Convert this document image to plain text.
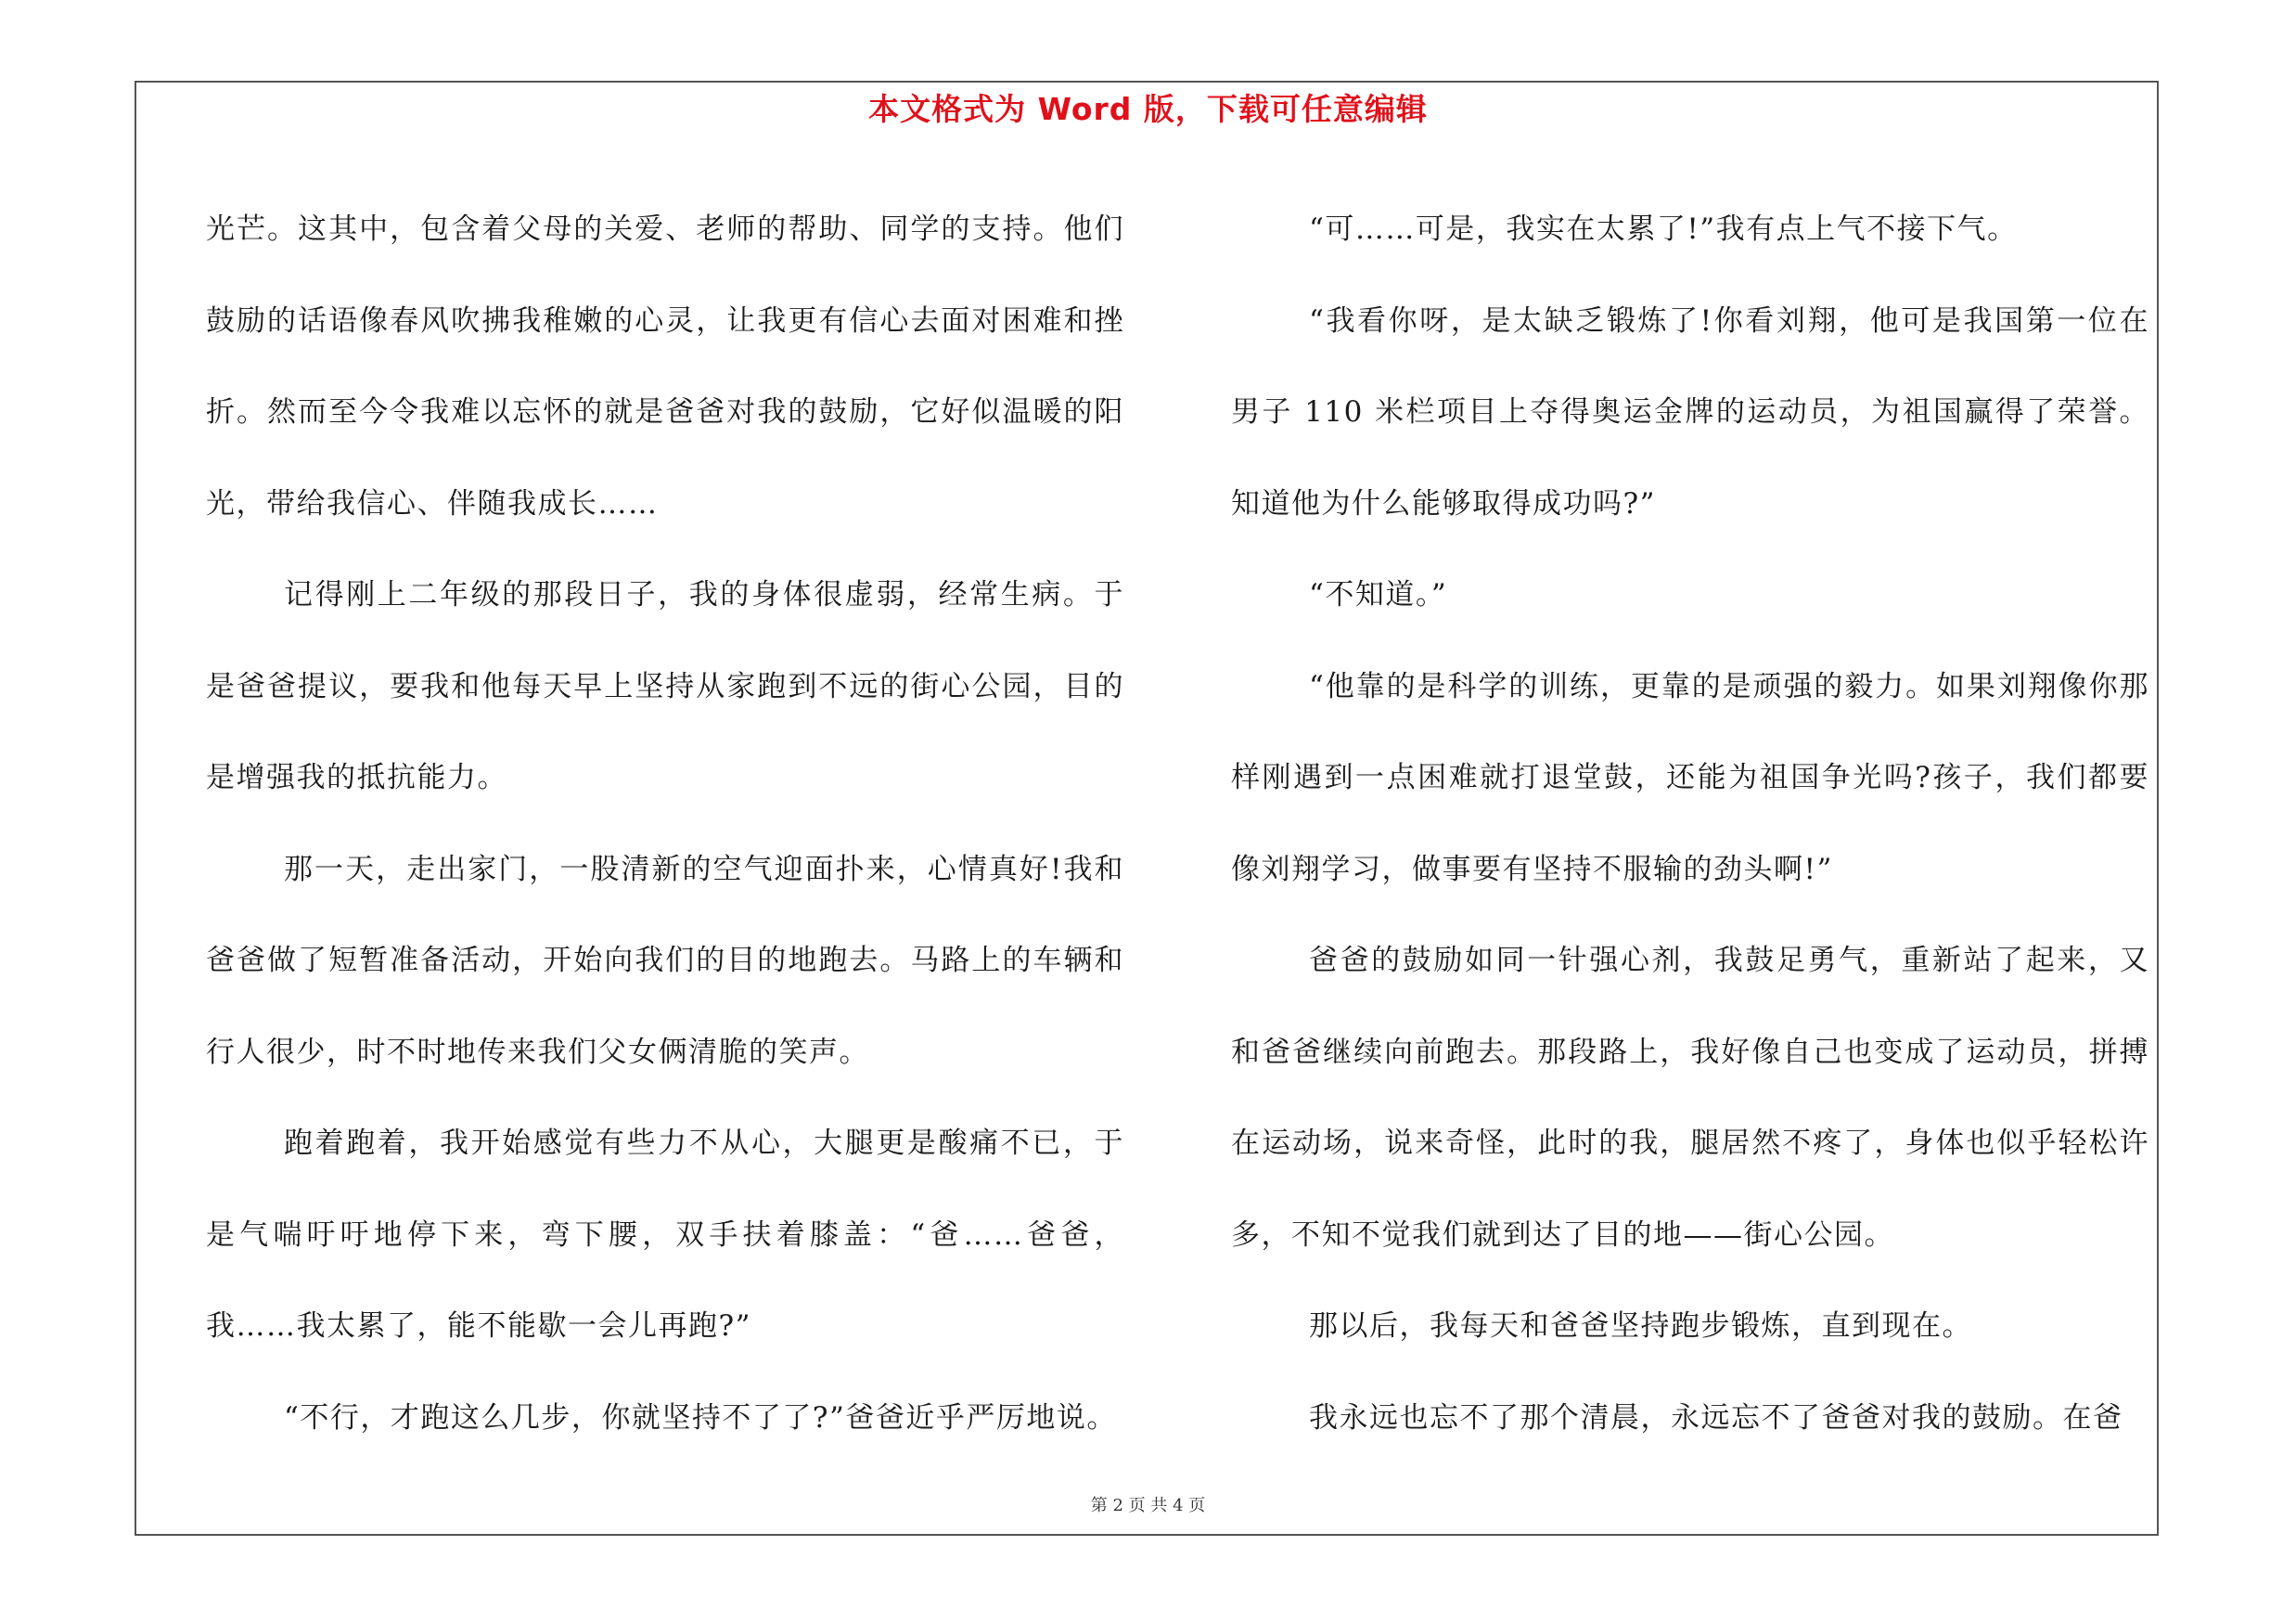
本文格式为 Word 版，下载可任意编辑

光芒。这其中，包含着父母的关爱、老师的帮助、同学的支持。他们鼓励的话语像春风吹拂我稚嫩的心灵，让我更有信心去面对困难和挫折。然而至今令我难以忘怀的就是爸爸对我的鼓励，它好似温暖的阳光，带给我信心、伴随我成长……

记得刚上二年级的那段日子，我的身体很虚弱，经常生病。于是爸爸提议，要我和他每天早上坚持从家跑到不远的街心公园，目的是增强我的抵抗能力。

那一天，走出家门，一股清新的空气迎面扑来，心情真好!我和爸爸做了短暂准备活动，开始向我们的目的地跑去。马路上的车辆和行人很少，时不时地传来我们父女俩清脆的笑声。

跑着跑着，我开始感觉有些力不从心，大腿更是酸痛不已，于是气喘吁吁地停下来，弯下腰，双手扶着膝盖：“爸……爸爸，我……我太累了，能不能歇一会儿再跑?”

“不行，才跑这么几步，你就坚持不了了?”爸爸近乎严厉地说。

“可……可是，我实在太累了!”我有点上气不接下气。

“我看你呀，是太缺乏锻炼了!你看刘翔，他可是我国第一位在男子 110 米栏项目上夺得奥运金牌的运动员，为祖国赢得了荣誉。知道他为什么能够取得成功吗?”

“不知道。”

“他靠的是科学的训练，更靠的是顽强的毅力。如果刘翔像你那样刚遇到一点困难就打退堂鼓，还能为祖国争光吗?孩子，我们都要像刘翔学习，做事要有坚持不服输的劲头啊!”

爸爸的鼓励如同一针强心剂，我鼓足勇气，重新站了起来，又和爸爸继续向前跑去。那段路上，我好像自己也变成了运动员，拼搏在运动场，说来奇怪，此时的我，腿居然不疼了，身体也似乎轻松许多，不知不觉我们就到达了目的地——街心公园。

那以后，我每天和爸爸坚持跑步锻炼，直到现在。

我永远也忘不了那个清晨，永远忘不了爸爸对我的鼓励。在爸

第 2 页 共 4 页
